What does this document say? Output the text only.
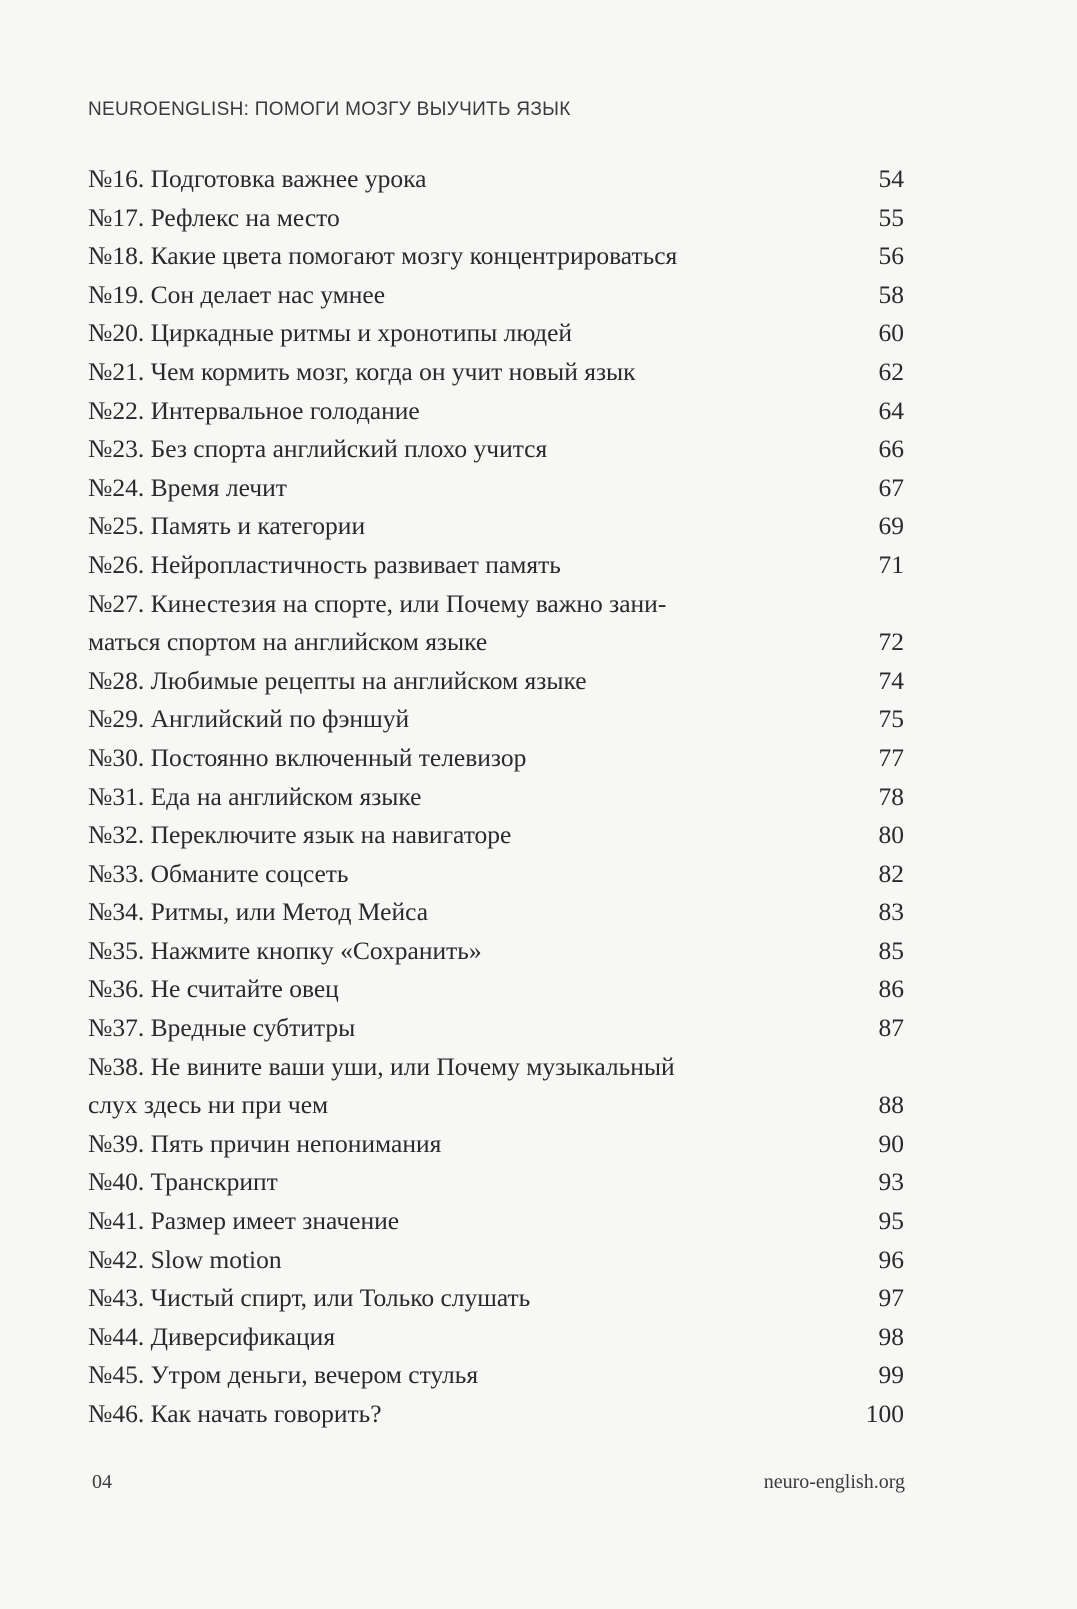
NEUROENGLISH: ПОМОГИ МОЗГУ ВЫУЧИТЬ ЯЗЫК
№16. Подготовка важнее урока	54
№17. Рефлекс на место	55
№18. Какие цвета помогают мозгу концентрироваться	56
№19. Сон делает нас умнее	58
№20. Циркадные ритмы и хронотипы людей	60
№21. Чем кормить мозг, когда он учит новый язык	62
№22. Интервальное голодание	64
№23. Без спорта английский плохо учится	66
№24. Время лечит	67
№25. Память и категории	69
№26. Нейропластичность развивает память	71
№27. Кинестезия на спорте, или Почему важно зани-
маться спортом на английском языке	72
№28. Любимые рецепты на английском языке	74
№29. Английский по фэншуй	75
№30. Постоянно включенный телевизор	77
№31. Еда на английском языке	78
№32. Переключите язык на навигаторе	80
№33. Обманите соцсеть	82
№34. Ритмы, или Метод Мейса	83
№35. Нажмите кнопку «Сохранить»	85
№36. Не считайте овец	86
№37. Вредные субтитры	87
№38. Не вините ваши уши, или Почему музыкальный
слух здесь ни при чем	88
№39. Пять причин непонимания	90
№40. Транскрипт	93
№41. Размер имеет значение	95
№42. Slow motion	96
№43. Чистый спирт, или Только слушать	97
№44. Диверсификация	98
№45. Утром деньги, вечером стулья	99
№46. Как начать говорить?	100
04	neuro-english.org
